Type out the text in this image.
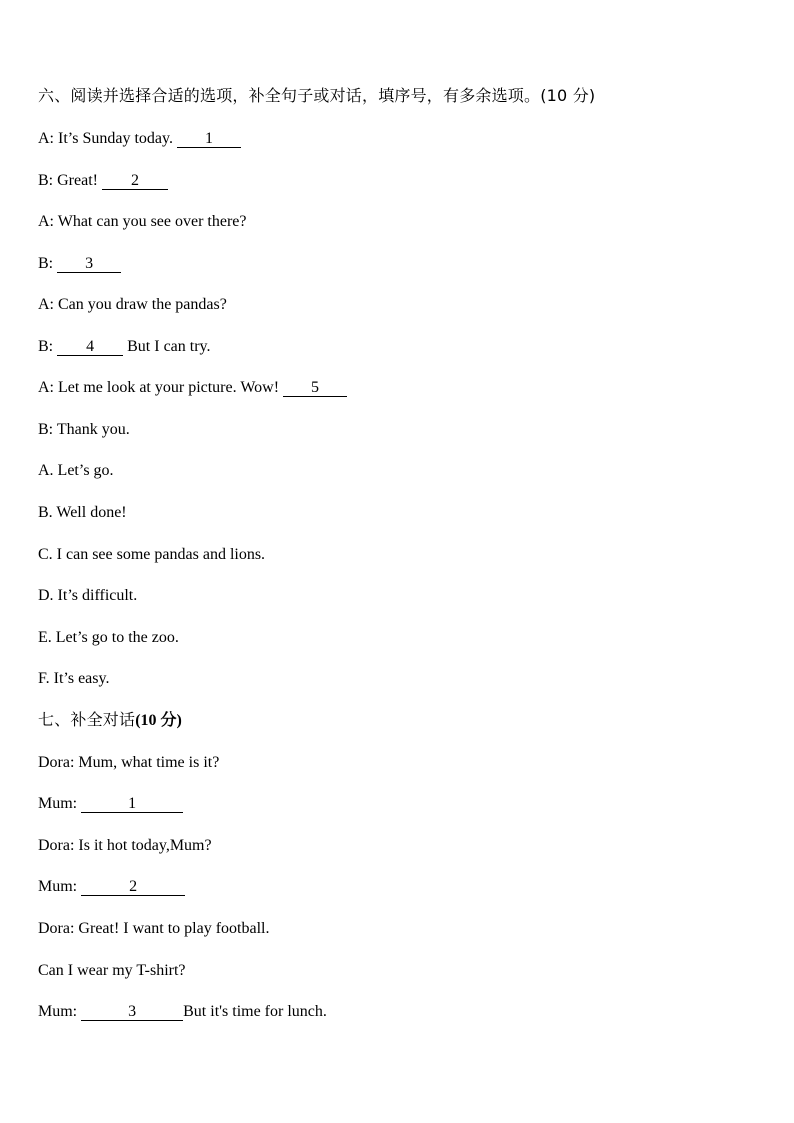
六、阅读并选择合适的选项，补全句子或对话，填序号，有多余选项。(10 分)
A: It’s Sunday today. 1
B: Great! 2
A: What can you see over there?
B: 3
A: Can you draw the pandas?
B: 4 But I can try.
A: Let me look at your picture. Wow! 5
B: Thank you.
A. Let’s go.
B. Well done!
C. I can see some pandas and lions.
D. It’s difficult.
E. Let’s go to the zoo.
F. It’s easy.
七、补全对话(10 分)
Dora: Mum, what time is it?
Mum:	1
Dora: Is it hot today,Mum?
Mum:	2
Dora: Great! I want to play football.
Can I wear my T-shirt?
Mum:	3	But it's time for lunch.
